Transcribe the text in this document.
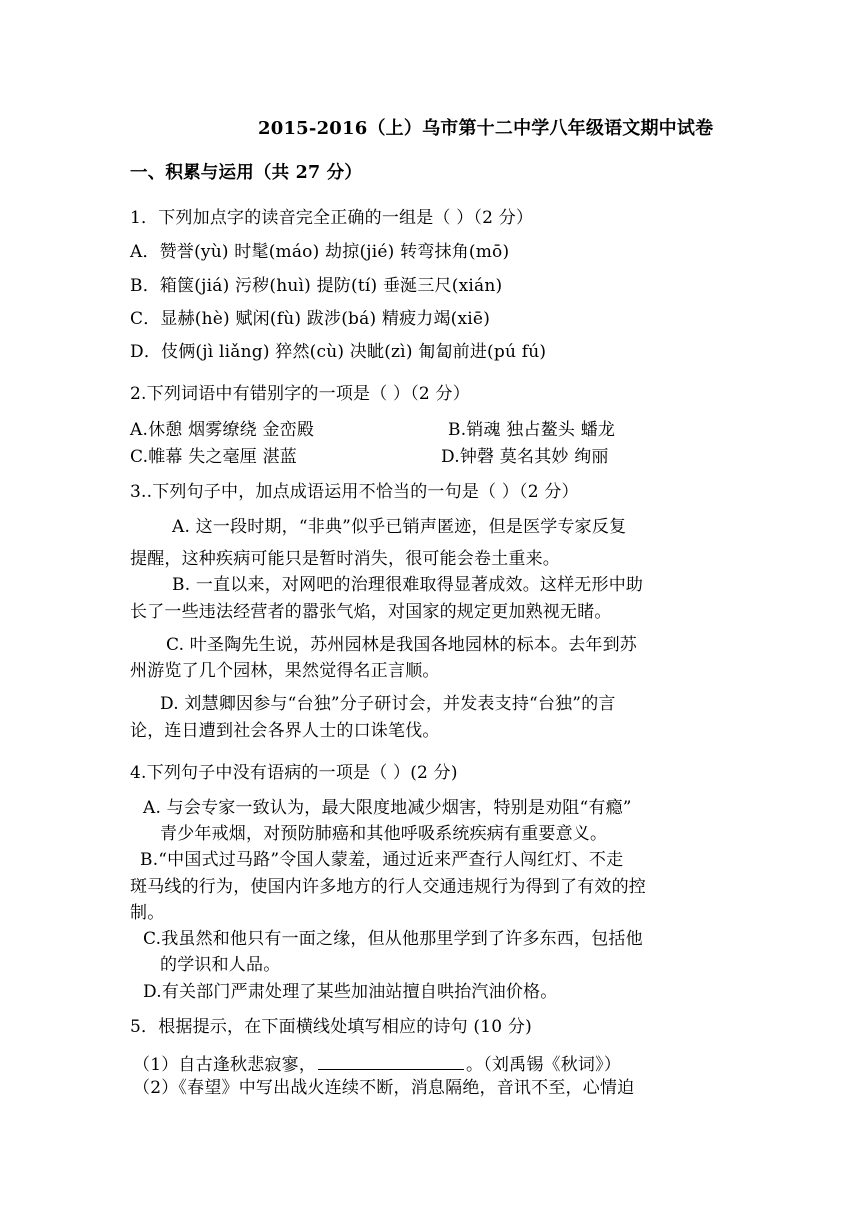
2015-2016（上）乌市第十二中学八年级语文期中试卷
一、积累与运用（共 27 分）
1．下列加点字的读音完全正确的一组是（ ）（2 分）
A．赞誉(yù) 时髦(máo) 劫掠(jié) 转弯抹角(mō)
B．箱箧(jiá) 污秽(huì) 提防(tí) 垂涎三尺(xián)
C．显赫(hè) 赋闲(fù) 跋涉(bá) 精疲力竭(xiē)
D．伎俩(jì liǎng) 猝然(cù) 决眦(zì) 匍匐前进(pú fú)
2.下列词语中有错别字的一项是（ ）（2 分）
A.休憩 烟雾缭绕 金峦殿	B.销魂 独占鳌头 蟠龙
C.帷幕 失之毫厘 湛蓝	D.钟磬 莫名其妙 绚丽
3..下列句子中，加点成语运用不恰当的一句是（ ）（2 分）
A. 这一段时期，“非典”似乎已销声匿迹，但是医学专家反复
提醒，这种疾病可能只是暂时消失，很可能会卷土重来。
B. 一直以来，对网吧的治理很难取得显著成效。这样无形中助
长了一些违法经营者的嚣张气焰，对国家的规定更加熟视无睹。
C. 叶圣陶先生说，苏州园林是我国各地园林的标本。去年到苏
州游览了几个园林，果然觉得名正言顺。
D. 刘慧卿因参与“台独”分子研讨会，并发表支持“台独”的言
论，连日遭到社会各界人士的口诛笔伐。
4.下列句子中没有语病的一项是（ ）(2 分)
A. 与会专家一致认为，最大限度地减少烟害，特别是劝阻“有瘾”
青少年戒烟，对预防肺癌和其他呼吸系统疾病有重要意义。
B.“中国式过马路”令国人蒙羞，通过近来严查行人闯红灯、不走
斑马线的行为，使国内许多地方的行人交通违规行为得到了有效的控
制。
C.我虽然和他只有一面之缘，但从他那里学到了许多东西，包括他
的学识和人品。
D.有关部门严肃处理了某些加油站擅自哄抬汽油价格。
5．根据提示，在下面横线处填写相应的诗句 (10 分)
（1）自古逢秋悲寂寥，	。（刘禹锡《秋词》）
（2）《春望》中写出战火连续不断，消息隔绝，音讯不至，心情迫
